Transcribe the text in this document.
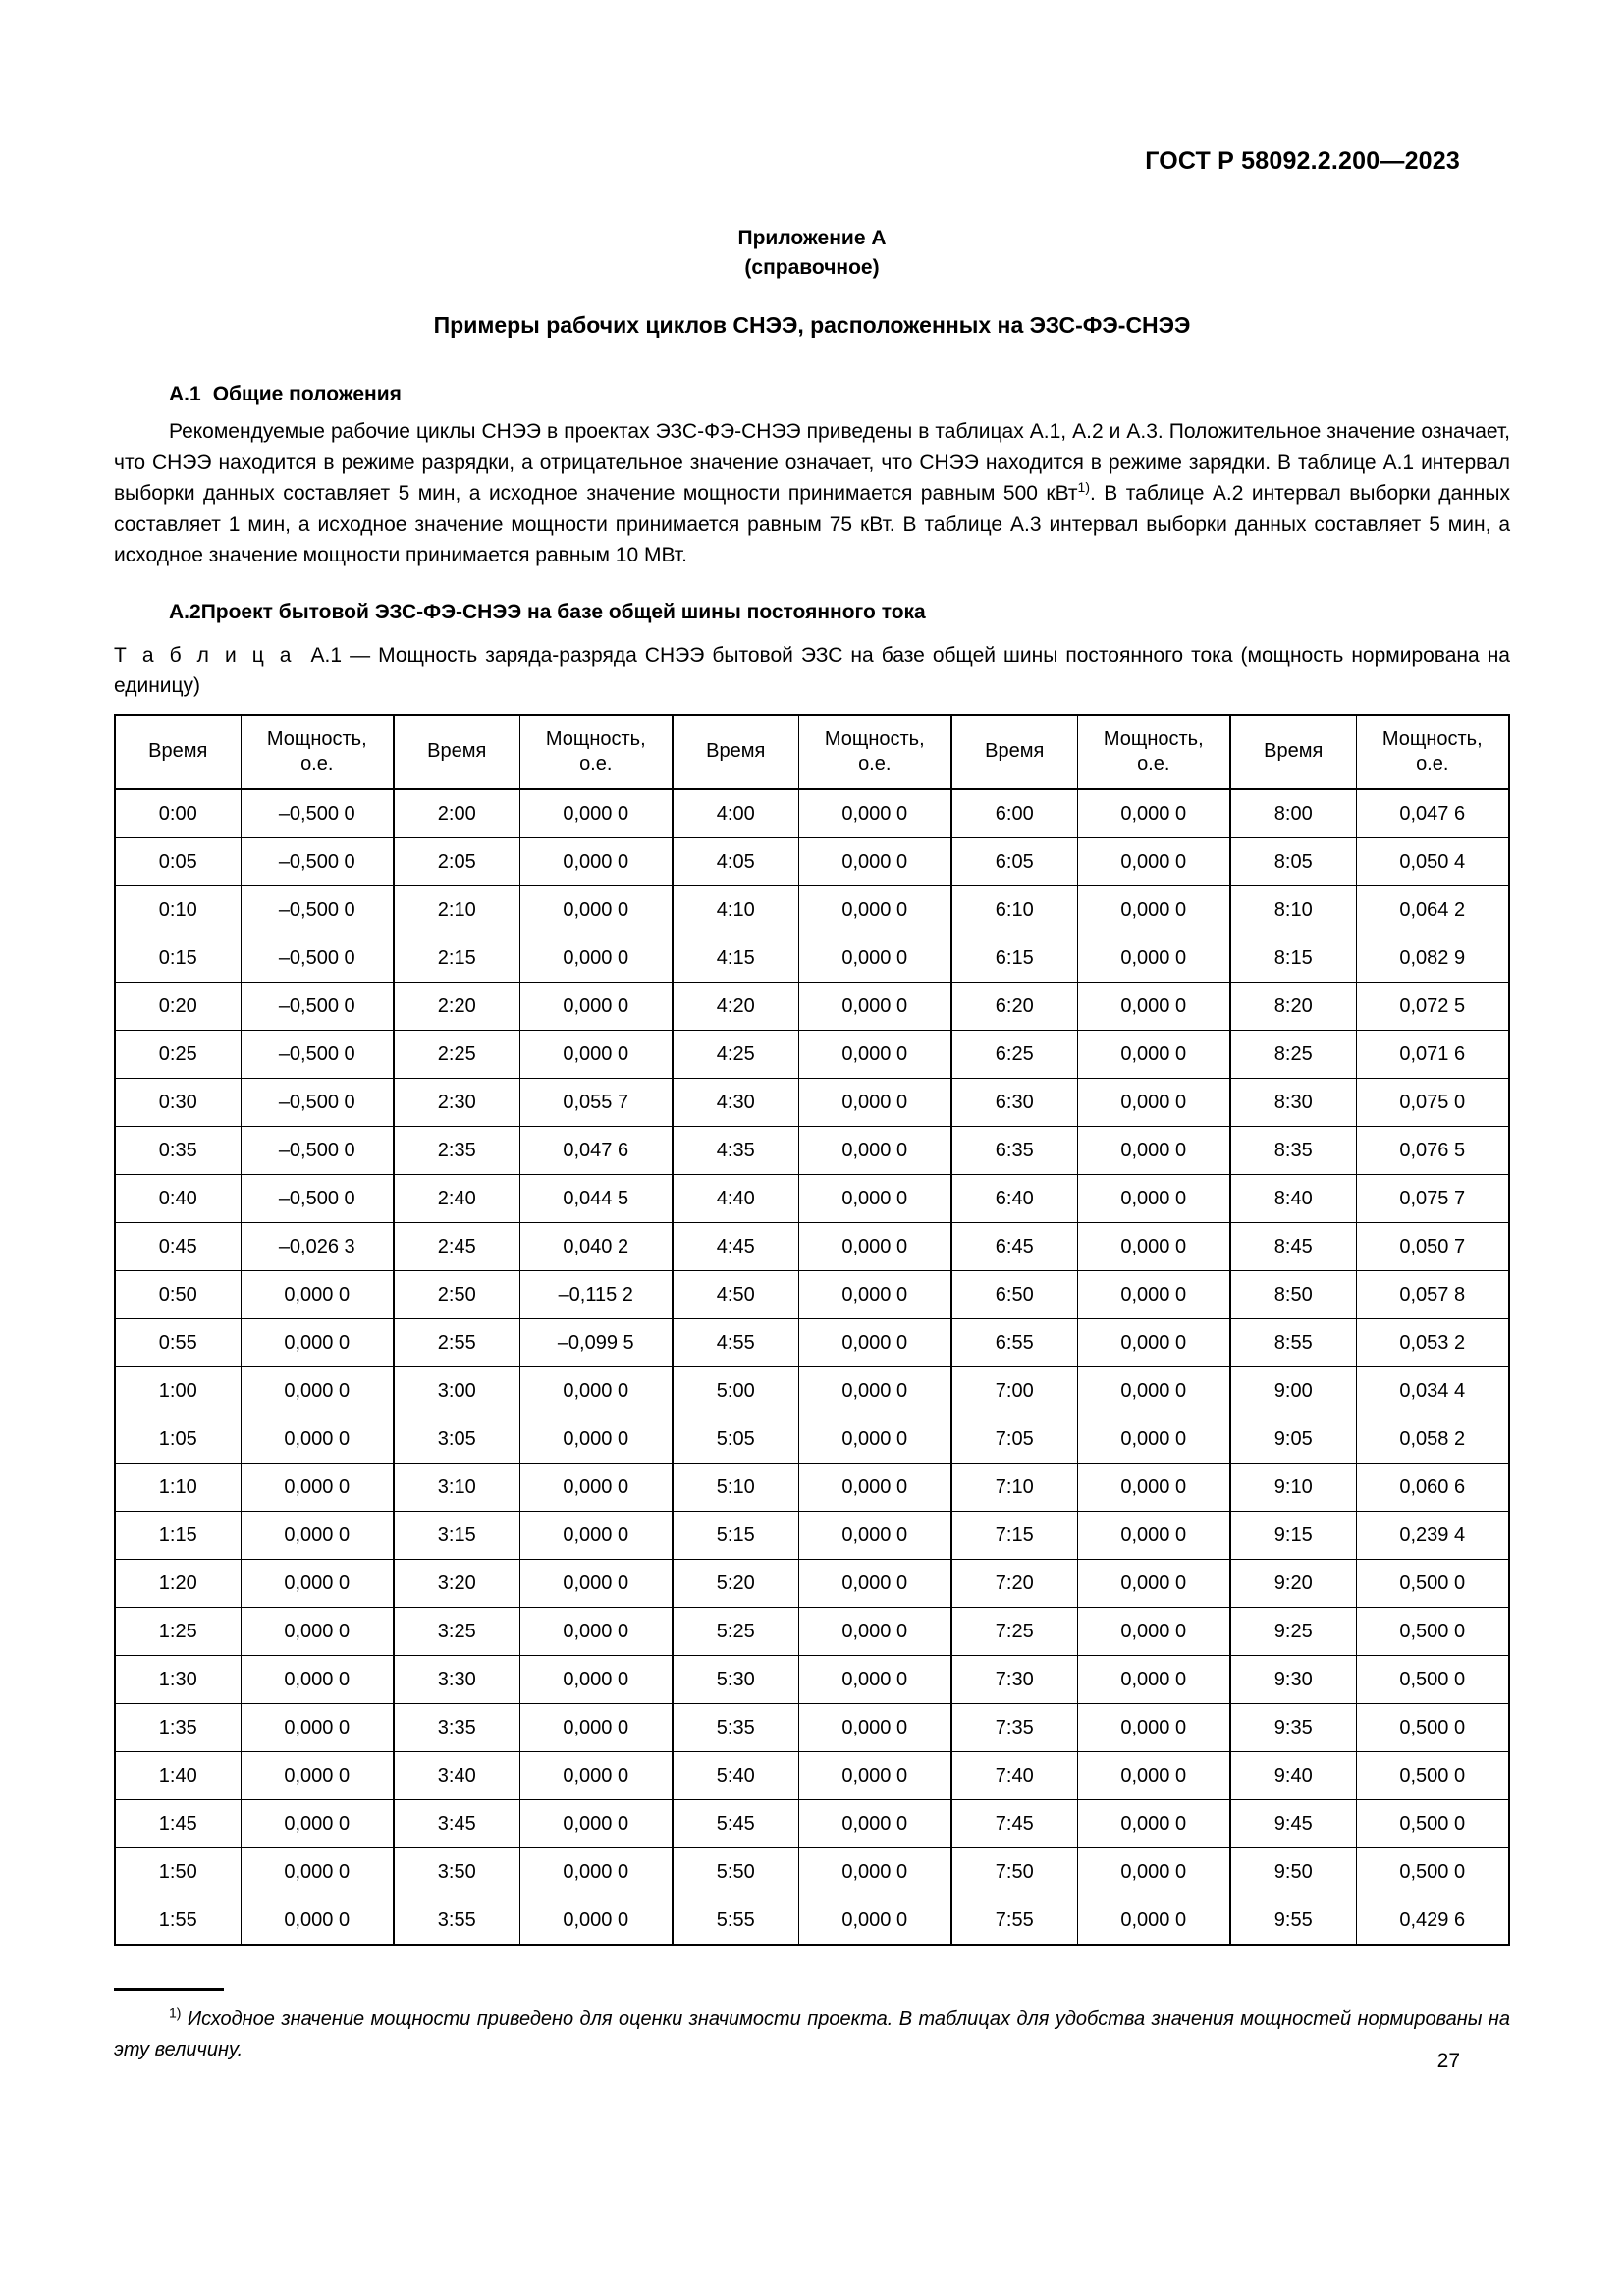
ГОСТ Р 58092.2.200—2023
Приложение А
(справочное)
Примеры рабочих циклов СНЭЭ, расположенных на ЭЗС-ФЭ-СНЭЭ
А.1 Общие положения

Рекомендуемые рабочие циклы СНЭЭ в проектах ЭЗС-ФЭ-СНЭЭ приведены в таблицах А.1, А.2 и А.3. Положительное значение означает, что СНЭЭ находится в режиме разрядки, а отрицательное значение означает, что СНЭЭ находится в режиме зарядки. В таблице А.1 интервал выборки данных составляет 5 мин, а исходное значение мощности принимается равным 500 кВт$^{1)}$. В таблице А.2 интервал выборки данных составляет 1 мин, а исходное значение мощности принимается равным 75 кВт. В таблице А.3 интервал выборки данных составляет 5 мин, а исходное значение мощности принимается равным 10 МВт.

А.2Проект бытовой ЭЗС-ФЭ-СНЭЭ на базе общей шины постоянного тока

Т а б л и ц а А.1 — Мощность заряда-разряда СНЭЭ бытовой ЭЗС на базе общей шины постоянного тока (мощность нормирована на единицу)

Время	Мощность,
о.е.	Время	Мощность,
о.е.	Время	Мощность,
о.е.	Время	Мощность,
о.е.	Время	Мощность,
о.е.
0:00	–0,500 0	2:00	0,000 0	4:00	0,000 0	6:00	0,000 0	8:00	0,047 6
0:05	–0,500 0	2:05	0,000 0	4:05	0,000 0	6:05	0,000 0	8:05	0,050 4
0:10	–0,500 0	2:10	0,000 0	4:10	0,000 0	6:10	0,000 0	8:10	0,064 2
0:15	–0,500 0	2:15	0,000 0	4:15	0,000 0	6:15	0,000 0	8:15	0,082 9
0:20	–0,500 0	2:20	0,000 0	4:20	0,000 0	6:20	0,000 0	8:20	0,072 5
0:25	–0,500 0	2:25	0,000 0	4:25	0,000 0	6:25	0,000 0	8:25	0,071 6
0:30	–0,500 0	2:30	0,055 7	4:30	0,000 0	6:30	0,000 0	8:30	0,075 0
0:35	–0,500 0	2:35	0,047 6	4:35	0,000 0	6:35	0,000 0	8:35	0,076 5
0:40	–0,500 0	2:40	0,044 5	4:40	0,000 0	6:40	0,000 0	8:40	0,075 7
0:45	–0,026 3	2:45	0,040 2	4:45	0,000 0	6:45	0,000 0	8:45	0,050 7
0:50	0,000 0	2:50	–0,115 2	4:50	0,000 0	6:50	0,000 0	8:50	0,057 8
0:55	0,000 0	2:55	–0,099 5	4:55	0,000 0	6:55	0,000 0	8:55	0,053 2
1:00	0,000 0	3:00	0,000 0	5:00	0,000 0	7:00	0,000 0	9:00	0,034 4
1:05	0,000 0	3:05	0,000 0	5:05	0,000 0	7:05	0,000 0	9:05	0,058 2
1:10	0,000 0	3:10	0,000 0	5:10	0,000 0	7:10	0,000 0	9:10	0,060 6
1:15	0,000 0	3:15	0,000 0	5:15	0,000 0	7:15	0,000 0	9:15	0,239 4
1:20	0,000 0	3:20	0,000 0	5:20	0,000 0	7:20	0,000 0	9:20	0,500 0
1:25	0,000 0	3:25	0,000 0	5:25	0,000 0	7:25	0,000 0	9:25	0,500 0
1:30	0,000 0	3:30	0,000 0	5:30	0,000 0	7:30	0,000 0	9:30	0,500 0
1:35	0,000 0	3:35	0,000 0	5:35	0,000 0	7:35	0,000 0	9:35	0,500 0
1:40	0,000 0	3:40	0,000 0	5:40	0,000 0	7:40	0,000 0	9:40	0,500 0
1:45	0,000 0	3:45	0,000 0	5:45	0,000 0	7:45	0,000 0	9:45	0,500 0
1:50	0,000 0	3:50	0,000 0	5:50	0,000 0	7:50	0,000 0	9:50	0,500 0
1:55	0,000 0	3:55	0,000 0	5:55	0,000 0	7:55	0,000 0	9:55	0,429 6

$^{1)}$ Исходное значение мощности приведено для оценки значимости проекта. В таблицах для удобства значения мощностей нормированы на эту величину.	27
